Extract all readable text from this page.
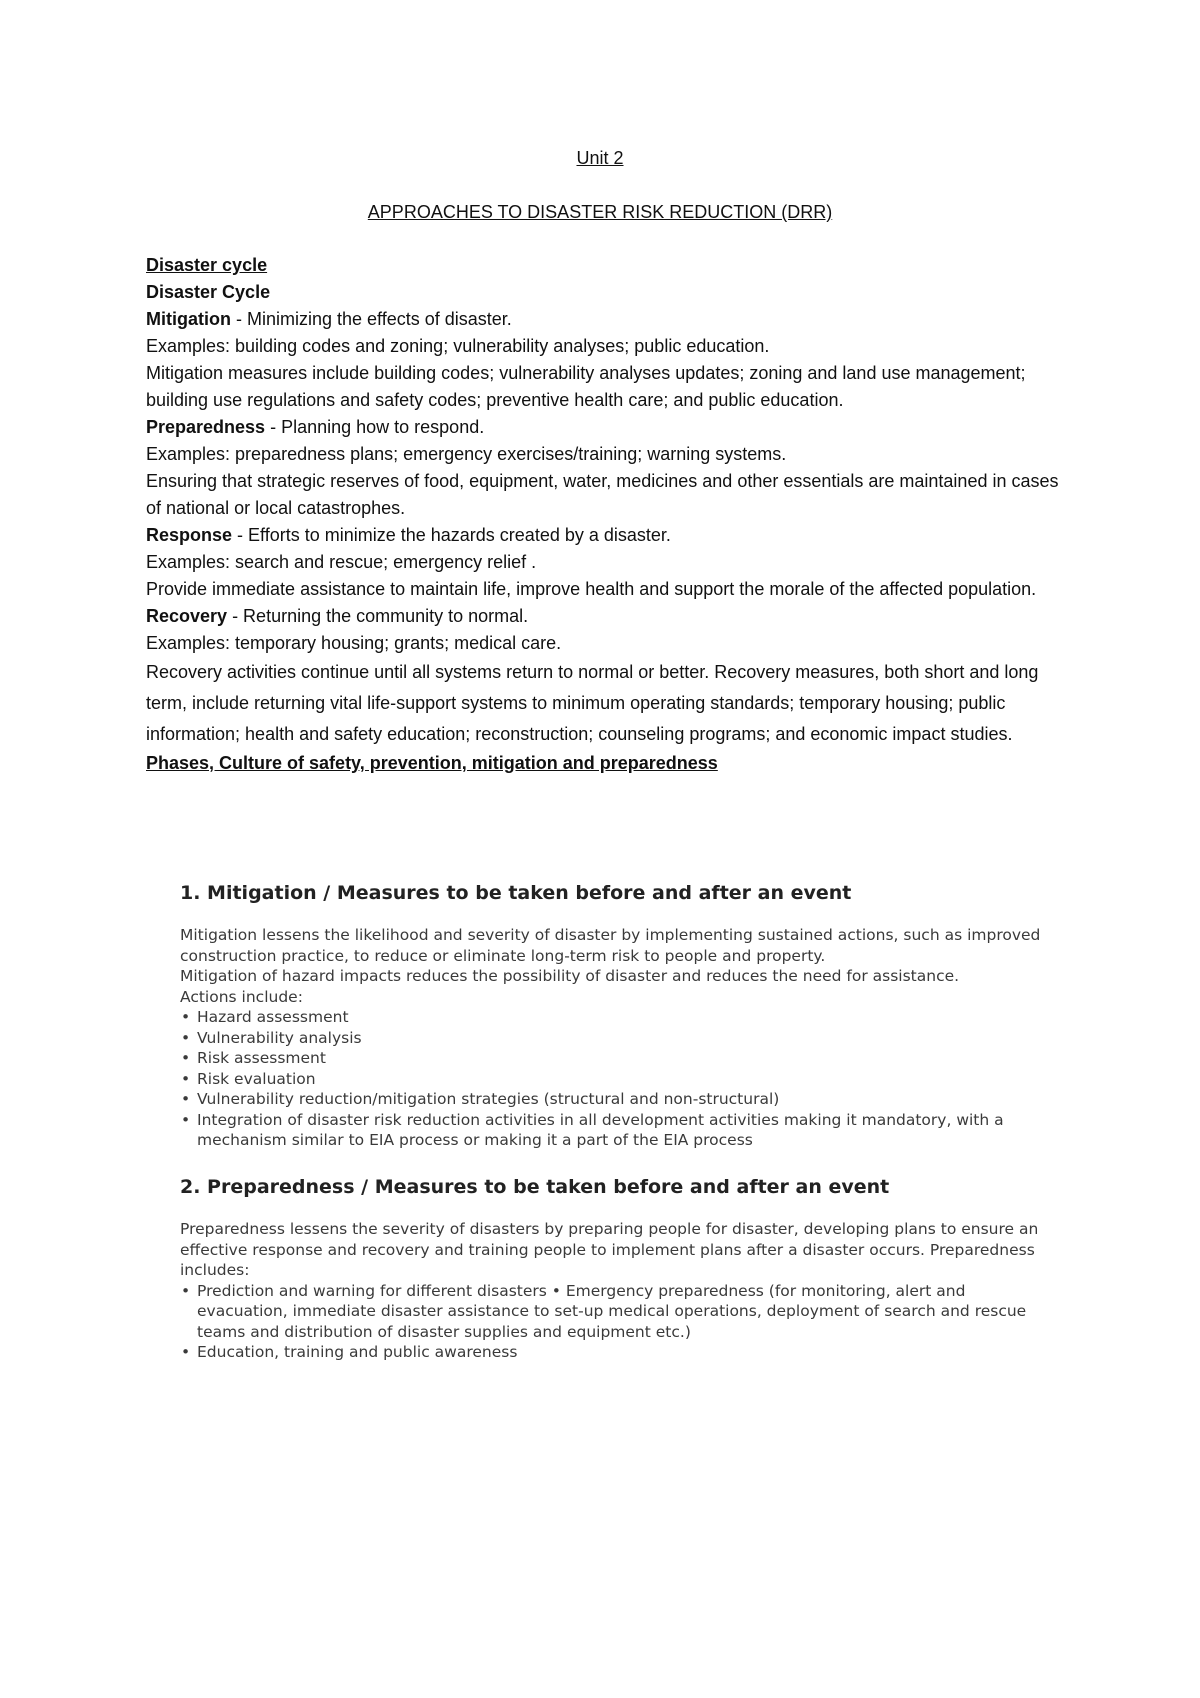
Unit 2
APPROACHES TO DISASTER RISK REDUCTION (DRR)

Disaster cycle

Disaster Cycle

Mitigation - Minimizing the effects of disaster.

Examples: building codes and zoning; vulnerability analyses; public education.

Mitigation measures include building codes; vulnerability analyses updates; zoning and land use management; building use regulations and safety codes; preventive health care; and public education.

Preparedness - Planning how to respond.

Examples: preparedness plans; emergency exercises/training; warning systems.

Ensuring that strategic reserves of food, equipment, water, medicines and other essentials are maintained in cases of national or local catastrophes.

Response - Efforts to minimize the hazards created by a disaster.

Examples: search and rescue; emergency relief .

Provide immediate assistance to maintain life, improve health and support the morale of the affected population.

Recovery - Returning the community to normal.

Examples: temporary housing; grants; medical care.

Recovery activities continue until all systems return to normal or better. Recovery measures, both short and long term, include returning vital life-support systems to minimum operating standards; temporary housing; public information; health and safety education; reconstruction; counseling programs; and economic impact studies.

Phases, Culture of safety, prevention, mitigation and preparedness

1. Mitigation / Measures to be taken before and after an event

Mitigation lessens the likelihood and severity of disaster by implementing sustained actions, such as improved construction practice, to reduce or eliminate long-term risk to people and property.

Mitigation of hazard impacts reduces the possibility of disaster and reduces the need for assistance.

Actions include:

• Hazard assessment
• Vulnerability analysis
• Risk assessment
• Risk evaluation
• Vulnerability reduction/mitigation strategies (structural and non-structural)
• Integration of disaster risk reduction activities in all development activities making it mandatory, with a mechanism similar to EIA process or making it a part of the EIA process
2. Preparedness / Measures to be taken before and after an event

Preparedness lessens the severity of disasters by preparing people for disaster, developing plans to ensure an effective response and recovery and training people to implement plans after a disaster occurs. Preparedness includes:

• Prediction and warning for different disasters • Emergency preparedness (for monitoring, alert and evacuation, immediate disaster assistance to set-up medical operations, deployment of search and rescue teams and distribution of disaster supplies and equipment etc.)
• Education, training and public awareness
